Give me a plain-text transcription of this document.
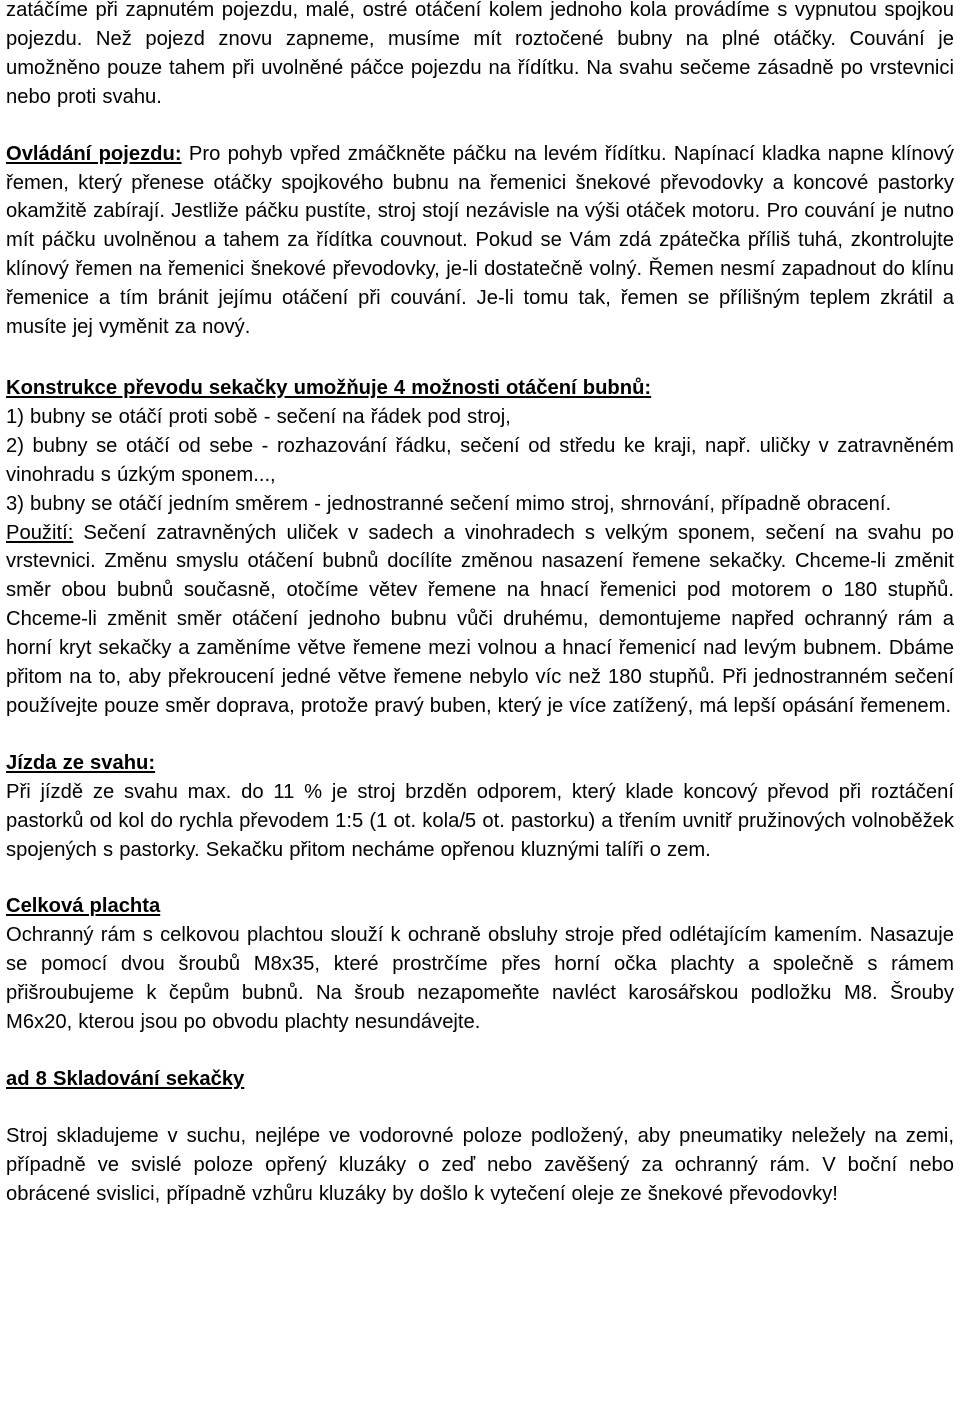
zatáčíme při zapnutém pojezdu, malé, ostré otáčení kolem jednoho kola provádíme s vypnutou spojkou pojezdu. Než pojezd znovu zapneme, musíme mít roztočené bubny na plné otáčky. Couvání je umožněno pouze tahem při uvolněné páčce pojezdu na řídítku. Na svahu sečeme zásadně po vrstevnici nebo proti svahu.

Ovládání pojezdu: Pro pohyb vpřed zmáčkněte páčku na levém řídítku. Napínací kladka napne klínový řemen, který přenese otáčky spojkového bubnu na řemenici šnekové převodovky a koncové pastorky okamžitě zabírají. Jestliže páčku pustíte, stroj stojí nezávisle na výši otáček motoru. Pro couvání je nutno mít páčku uvolněnou a tahem za řídítka couvnout. Pokud se Vám zdá zpátečka příliš tuhá, zkontrolujte klínový řemen na řemenici šnekové převodovky, je-li dostatečně volný. Řemen nesmí zapadnout do klínu řemenice a tím bránit jejímu otáčení při couvání. Je-li tomu tak, řemen se přílišným teplem zkrátil a musíte jej vyměnit za nový.

Konstrukce převodu sekačky umožňuje 4 možnosti otáčení bubnů:

1) bubny se otáčí proti sobě - sečení na řádek pod stroj,

2) bubny se otáčí od sebe - rozhazování řádku, sečení od středu ke kraji, např. uličky v zatravněném vinohradu s úzkým sponem...,

3) bubny se otáčí jedním směrem - jednostranné sečení mimo stroj, shrnování, případně obracení.

Použití: Sečení zatravněných uliček v sadech a vinohradech s velkým sponem, sečení na svahu po vrstevnici. Změnu smyslu otáčení bubnů docílíte změnou nasazení řemene sekačky. Chceme-li změnit směr obou bubnů současně, otočíme větev řemene na hnací řemenici pod motorem o 180 stupňů. Chceme-li změnit směr otáčení jednoho bubnu vůči druhému, demontujeme napřed ochranný rám a horní kryt sekačky a zaměníme větve řemene mezi volnou a hnací řemenicí nad levým bubnem. Dbáme přitom na to, aby překroucení jedné větve řemene nebylo víc než 180 stupňů. Při jednostranném sečení používejte pouze směr doprava, protože pravý buben, který je více zatížený, má lepší opásání řemenem.

Jízda ze svahu:

Při jízdě ze svahu max. do 11 % je stroj brzděn odporem, který klade koncový převod při roztáčení pastorků od kol do rychla převodem 1:5 (1 ot. kola/5 ot. pastorku) a třením uvnitř pružinových volnoběžek spojených s pastorky. Sekačku přitom necháme opřenou kluznými talíři o zem.

Celková plachta

Ochranný rám s celkovou plachtou slouží k ochraně obsluhy stroje před odlétajícím kamením. Nasazuje se pomocí dvou šroubů M8x35, které prostrčíme přes horní očka plachty a společně s rámem přišroubujeme k čepům bubnů. Na šroub nezapomeňte navléct karosářskou podložku M8. Šrouby M6x20, kterou jsou po obvodu plachty nesundávejte.

ad 8 Skladování sekačky

Stroj skladujeme v suchu, nejlépe ve vodorovné poloze podložený, aby pneumatiky neležely na zemi, případně ve svislé poloze opřený kluzáky o zeď nebo zavěšený za ochranný rám. V boční nebo obrácené svislici, případně vzhůru kluzáky by došlo k vytečení oleje ze šnekové převodovky!
